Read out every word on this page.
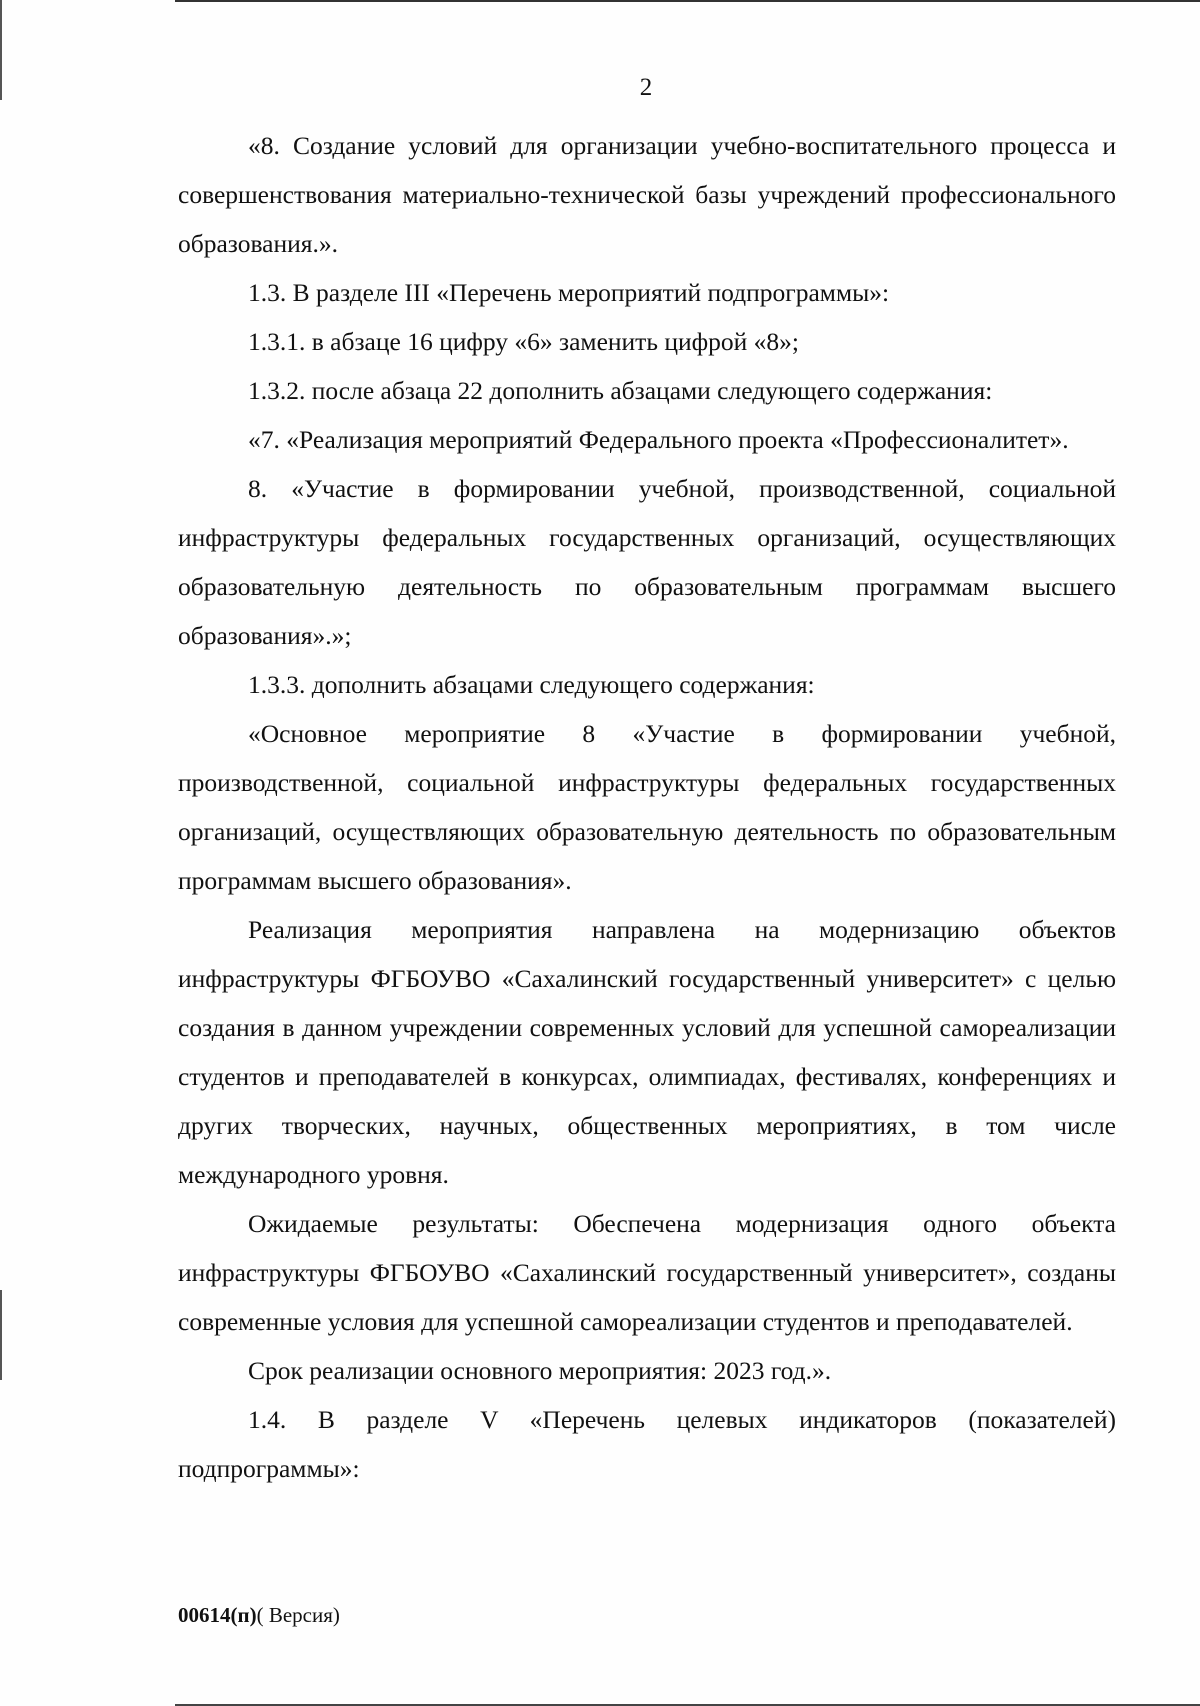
2

«8. Создание условий для организации учебно-воспитательного процесса и совершенствования материально-технической базы учреждений профессионального образования.».

1.3. В разделе III «Перечень мероприятий подпрограммы»:

1.3.1. в абзаце 16 цифру «6» заменить цифрой «8»;

1.3.2. после абзаца 22 дополнить абзацами следующего содержания:

«7. «Реализация мероприятий Федерального проекта «Профессионалитет».

8. «Участие в формировании учебной, производственной, социальной инфраструктуры федеральных государственных организаций, осуществляющих образовательную деятельность по образовательным программам высшего образования».»;

1.3.3. дополнить абзацами следующего содержания:

«Основное мероприятие 8 «Участие в формировании учебной, производственной, социальной инфраструктуры федеральных государственных организаций, осуществляющих образовательную деятельность по образовательным программам высшего образования».

Реализация мероприятия направлена на модернизацию объектов инфраструктуры ФГБОУВО «Сахалинский государственный университет» с целью создания в данном учреждении современных условий для успешной самореализации студентов и преподавателей в конкурсах, олимпиадах, фестивалях, конференциях и других творческих, научных, общественных мероприятиях, в том числе международного уровня.

Ожидаемые результаты: Обеспечена модернизация одного объекта инфраструктуры ФГБОУВО «Сахалинский государственный университет», созданы современные условия для успешной самореализации студентов и преподавателей.

Срок реализации основного мероприятия: 2023 год.».

1.4. В разделе V «Перечень целевых индикаторов (показателей) подпрограммы»:

00614(п)( Версия)
